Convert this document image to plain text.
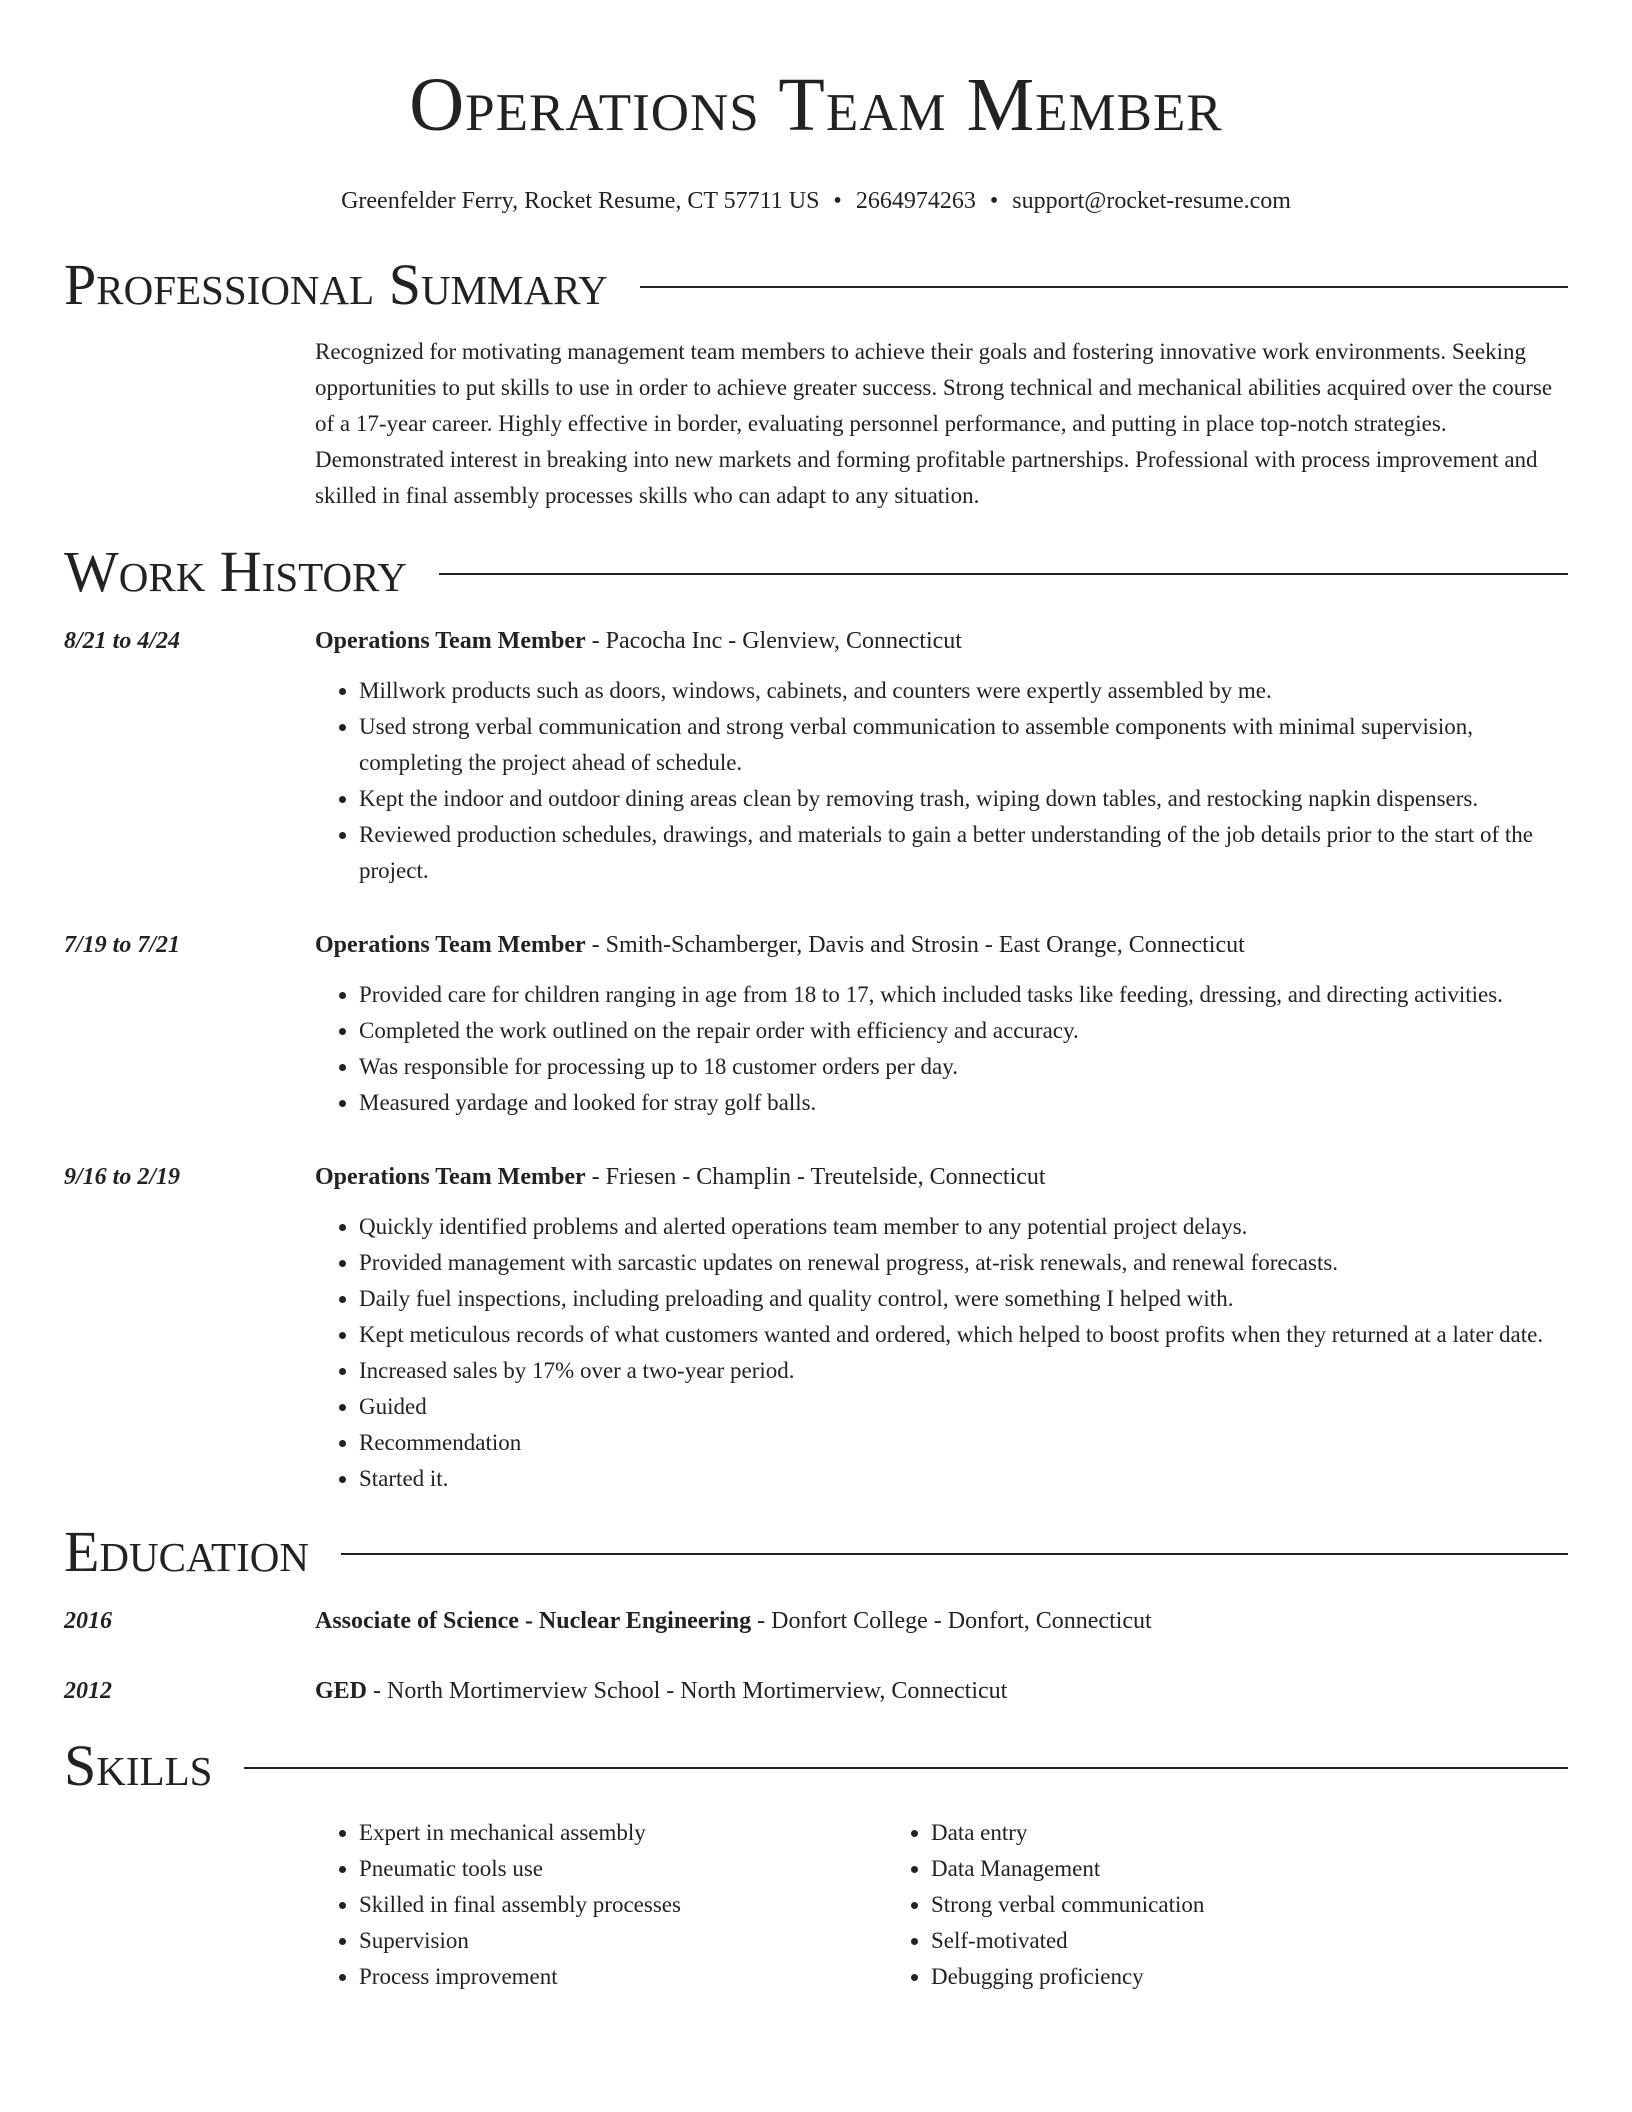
Operations Team Member
Greenfelder Ferry, Rocket Resume, CT 57711 US • 2664974263 • support@rocket-resume.com
Professional Summary

Recognized for motivating management team members to achieve their goals and fostering innovative work environments. Seeking opportunities to put skills to use in order to achieve greater success. Strong technical and mechanical abilities acquired over the course of a 17-year career. Highly effective in border, evaluating personnel performance, and putting in place top-notch strategies. Demonstrated interest in breaking into new markets and forming profitable partnerships. Professional with process improvement and skilled in final assembly processes skills who can adapt to any situation.

Work History
8/21 to 4/24	Operations Team Member - Pacocha Inc - Glenview, Connecticut
• Millwork products such as doors, windows, cabinets, and counters were expertly assembled by me.
• Used strong verbal communication and strong verbal communication to assemble components with minimal supervision, completing the project ahead of schedule.
• Kept the indoor and outdoor dining areas clean by removing trash, wiping down tables, and restocking napkin dispensers.
• Reviewed production schedules, drawings, and materials to gain a better understanding of the job details prior to the start of the project.
7/19 to 7/21	Operations Team Member - Smith-Schamberger, Davis and Strosin - East Orange, Connecticut
• Provided care for children ranging in age from 18 to 17, which included tasks like feeding, dressing, and directing activities.
• Completed the work outlined on the repair order with efficiency and accuracy.
• Was responsible for processing up to 18 customer orders per day.
• Measured yardage and looked for stray golf balls.
9/16 to 2/19	Operations Team Member - Friesen - Champlin - Treutelside, Connecticut
• Quickly identified problems and alerted operations team member to any potential project delays.
• Provided management with sarcastic updates on renewal progress, at-risk renewals, and renewal forecasts.
• Daily fuel inspections, including preloading and quality control, were something I helped with.
• Kept meticulous records of what customers wanted and ordered, which helped to boost profits when they returned at a later date.
• Increased sales by 17% over a two-year period.
• Guided
• Recommendation
• Started it.
Education
2016	Associate of Science - Nuclear Engineering - Donfort College - Donfort, Connecticut
2012	GED - North Mortimerview School - North Mortimerview, Connecticut
Skills
• Expert in mechanical assembly
• Pneumatic tools use
• Skilled in final assembly processes
• Supervision
• Process improvement
• Data entry
• Data Management
• Strong verbal communication
• Self-motivated
• Debugging proficiency
